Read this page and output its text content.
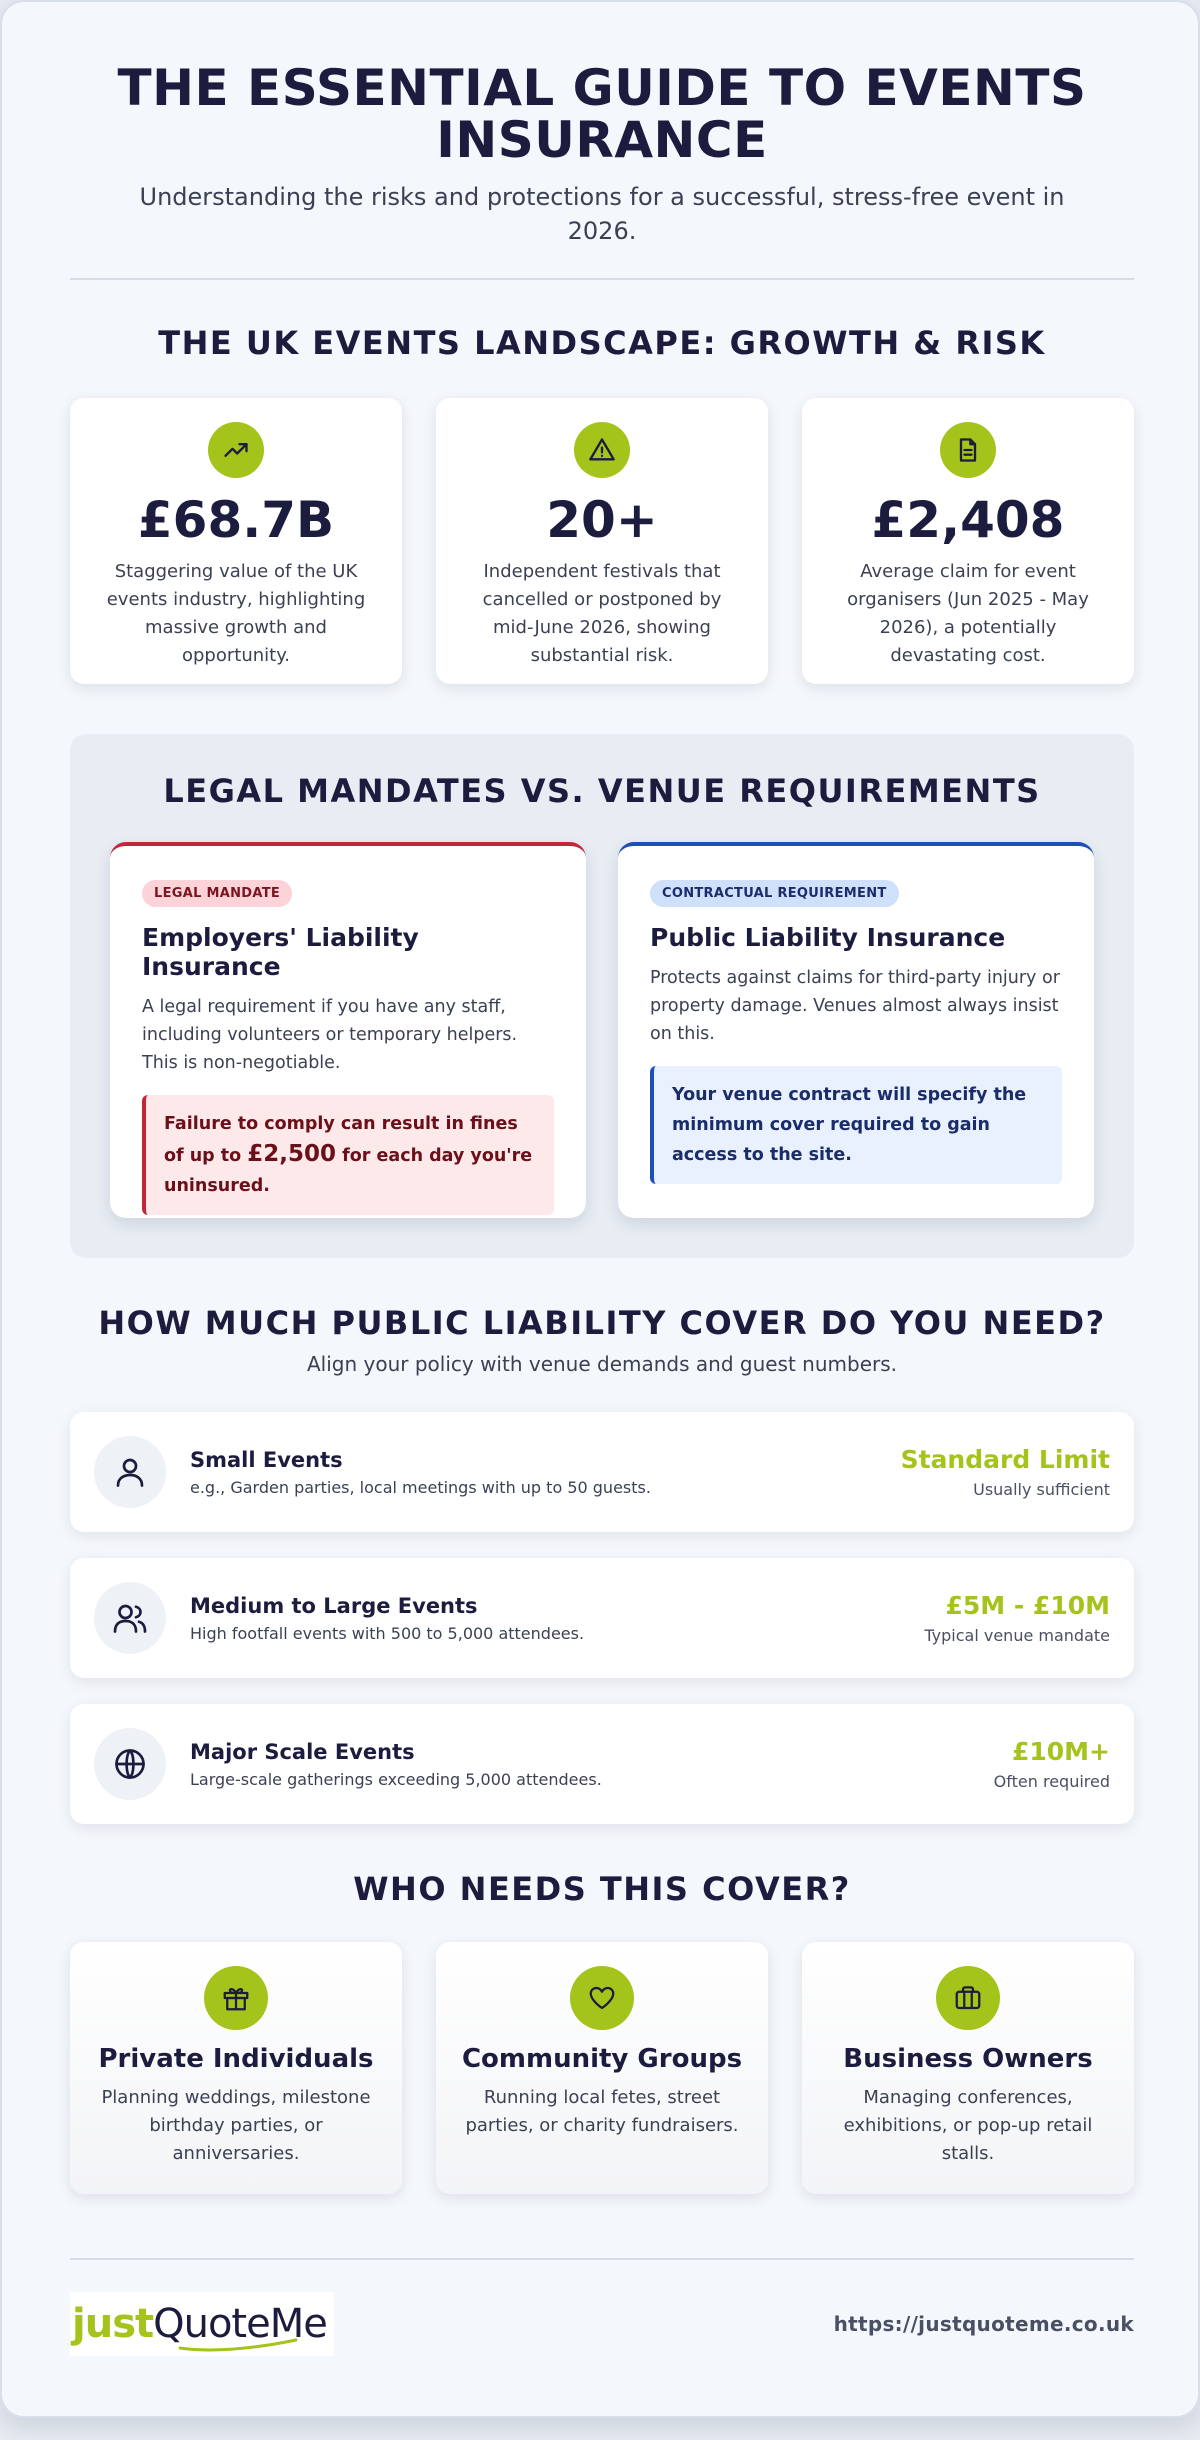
THE ESSENTIAL GUIDE TO EVENTS INSURANCE

Understanding the risks and protections for a successful, stress-free event in 2026.

THE UK EVENTS LANDSCAPE: GROWTH & RISK
£68.7B
Staggering value of the UK events industry, highlighting massive growth and opportunity.
20+
Independent festivals that cancelled or postponed by mid-June 2026, showing substantial risk.
£2,408
Average claim for event organisers (Jun 2025 - May 2026), a potentially devastating cost.
LEGAL MANDATES VS. VENUE REQUIREMENTS
LEGAL MANDATE
Employers' Liability Insurance
A legal requirement if you have any staff, including volunteers or temporary helpers. This is non-negotiable.
Failure to comply can result in fines of up to £2,500 for each day you're uninsured.
CONTRACTUAL REQUIREMENT
Public Liability Insurance
Protects against claims for third-party injury or property damage. Venues almost always insist on this.
Your venue contract will specify the minimum cover required to gain access to the site.
HOW MUCH PUBLIC LIABILITY COVER DO YOU NEED?

Align your policy with venue demands and guest numbers.

Small Events
e.g., Garden parties, local meetings with up to 50 guests.
Standard Limit
Usually sufficient
Medium to Large Events
High footfall events with 500 to 5,000 attendees.
£5M - £10M
Typical venue mandate
Major Scale Events
Large-scale gatherings exceeding 5,000 attendees.
£10M+
Often required
WHO NEEDS THIS COVER?
Private Individuals
Planning weddings, milestone birthday parties, or anniversaries.
Community Groups
Running local fetes, street parties, or charity fundraisers.
Business Owners
Managing conferences, exhibitions, or pop-up retail stalls.
just QuoteMe	https://justquoteme.co.uk
